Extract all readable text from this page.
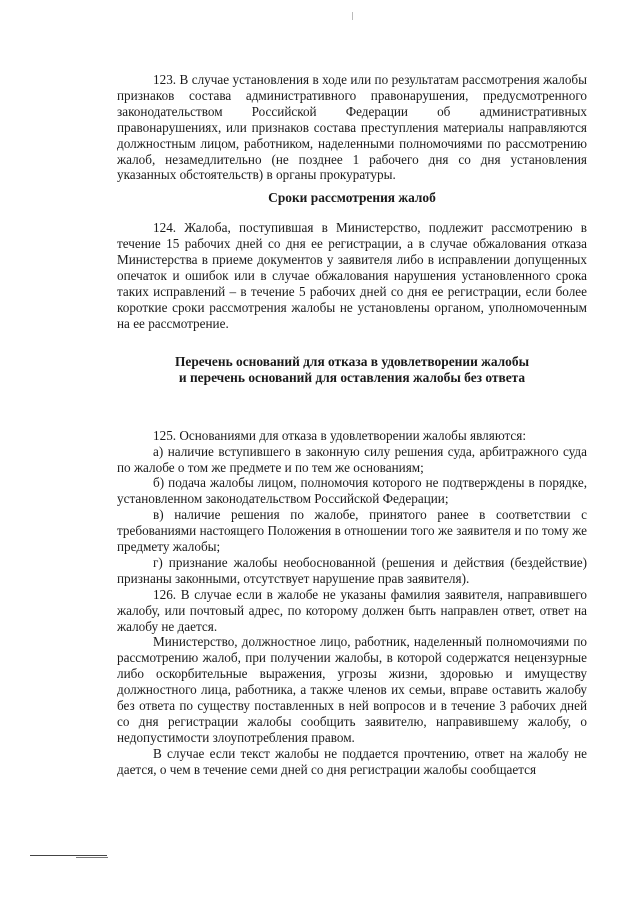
123. В случае установления в ходе или по результатам рассмотрения жалобы признаков состава административного правонарушения, предусмотренного законодательством Российской Федерации об административных правонарушениях, или признаков состава преступления материалы направляются должностным лицом, работником, наделенными полномочиями по рассмотрению жалоб, незамедлительно (не позднее 1 рабочего дня со дня установления указанных обстоятельств) в органы прокуратуры.

Сроки рассмотрения жалоб

124. Жалоба, поступившая в Министерство, подлежит рассмотрению в течение 15 рабочих дней со дня ее регистрации, а в случае обжалования отказа Министерства в приеме документов у заявителя либо в исправлении допущенных опечаток и ошибок или в случае обжалования нарушения установленного срока таких исправлений – в течение 5 рабочих дней со дня ее регистрации, если более короткие сроки рассмотрения жалобы не установлены органом, уполномоченным на ее рассмотрение.

Перечень оснований для отказа в удовлетворении жалобы
и перечень оснований для оставления жалобы без ответа

125. Основаниями для отказа в удовлетворении жалобы являются:

а) наличие вступившего в законную силу решения суда, арбитражного суда по жалобе о том же предмете и по тем же основаниям;

б) подача жалобы лицом, полномочия которого не подтверждены в порядке, установленном законодательством Российской Федерации;

в) наличие решения по жалобе, принятого ранее в соответствии с требованиями настоящего Положения в отношении того же заявителя и по тому же предмету жалобы;

г) признание жалобы необоснованной (решения и действия (бездействие) признаны законными, отсутствует нарушение прав заявителя).

126. В случае если в жалобе не указаны фамилия заявителя, направившего жалобу, или почтовый адрес, по которому должен быть направлен ответ, ответ на жалобу не дается.

Министерство, должностное лицо, работник, наделенный полномочиями по рассмотрению жалоб, при получении жалобы, в которой содержатся нецензурные либо оскорбительные выражения, угрозы жизни, здоровью и имуществу должностного лица, работника, а также членов их семьи, вправе оставить жалобу без ответа по существу поставленных в ней вопросов и в течение 3 рабочих дней со дня регистрации жалобы сообщить заявителю, направившему жалобу, о недопустимости злоупотребления правом.

В случае если текст жалобы не поддается прочтению, ответ на жалобу не дается, о чем в течение семи дней со дня регистрации жалобы сообщается
